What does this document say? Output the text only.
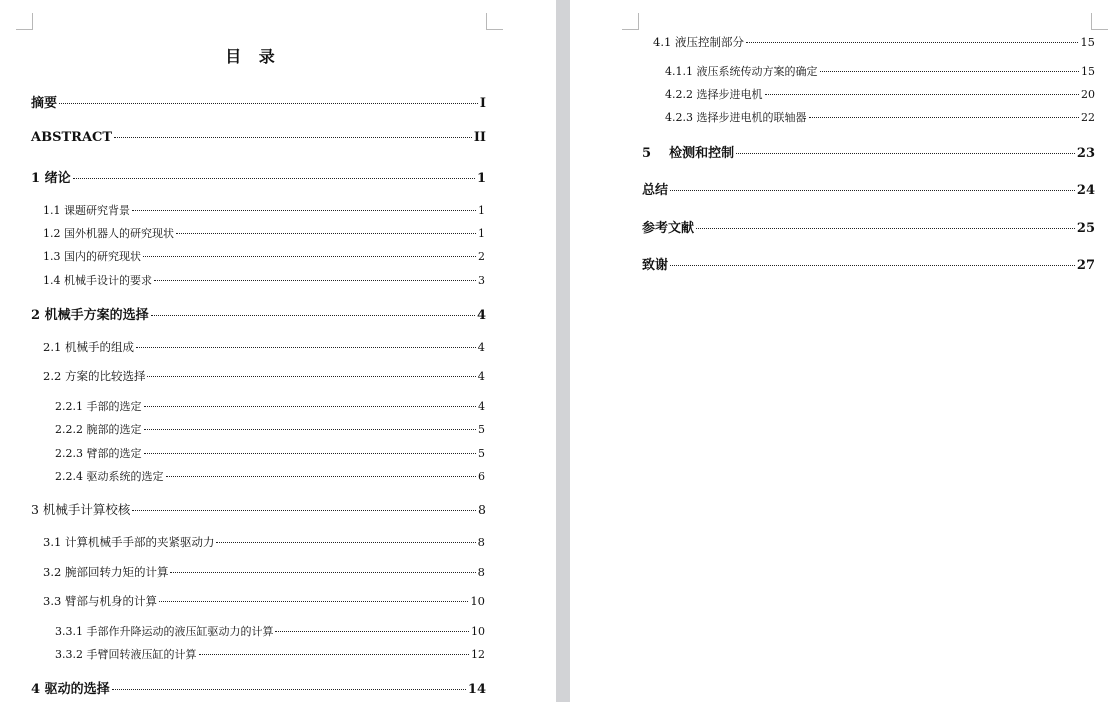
目 录
摘要	I
ABSTRACT	II
1 绪论	1
1.1 课题研究背景	1
1.2 国外机器人的研究现状	1
1.3 国内的研究现状	2
1.4 机械手设计的要求	3
2 机械手方案的选择	4
2.1 机械手的组成	4
2.2 方案的比较选择	4
2.2.1 手部的选定	4
2.2.2 腕部的选定	5
2.2.3 臂部的选定	5
2.2.4 驱动系统的选定	6
3 机械手计算校核	8
3.1 计算机械手手部的夹紧驱动力	8
3.2 腕部回转力矩的计算	8
3.3 臂部与机身的计算	10
3.3.1 手部作升降运动的液压缸驱动力的计算	10
3.3.2 手臂回转液压缸的计算	12
4 驱动的选择	14
4.1 液压控制部分	15
4.1.1 液压系统传动方案的确定	15
4.2.2 选择步进电机	20
4.2.3 选择步进电机的联轴器	22
5    检测和控制	23
总结	24
参考文献	25
致谢	27
